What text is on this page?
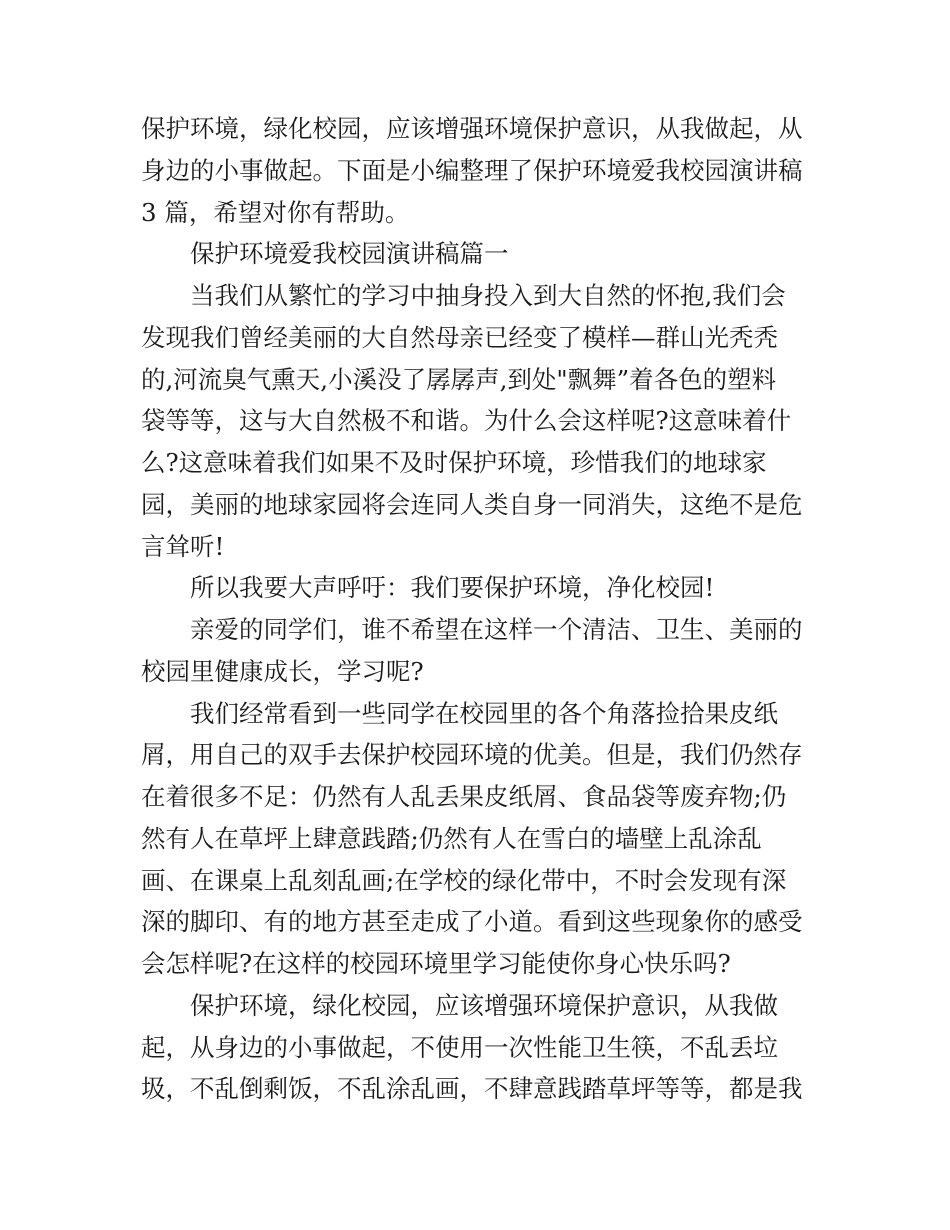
保护环境，绿化校园，应该增强环境保护意识，从我做起，从
身边的小事做起。下面是小编整理了保护环境爱我校园演讲稿
3 篇，希望对你有帮助。
保护环境爱我校园演讲稿篇一
当我们从繁忙的学习中抽身投入到大自然的怀抱,我们会
发现我们曾经美丽的大自然母亲已经变了模样—群山光秃秃
的,河流臭气熏天,小溪没了孱孱声,到处"飘舞”着各色的塑料
袋等等，这与大自然极不和谐。为什么会这样呢?这意味着什
么?这意味着我们如果不及时保护环境，珍惜我们的地球家
园，美丽的地球家园将会连同人类自身一同消失，这绝不是危
言耸听!
所以我要大声呼吁：我们要保护环境，净化校园!
亲爱的同学们，谁不希望在这样一个清洁、卫生、美丽的
校园里健康成长，学习呢?
我们经常看到一些同学在校园里的各个角落捡拾果皮纸
屑，用自己的双手去保护校园环境的优美。但是，我们仍然存
在着很多不足：仍然有人乱丢果皮纸屑、食品袋等废弃物;仍
然有人在草坪上肆意践踏;仍然有人在雪白的墙壁上乱涂乱
画、在课桌上乱刻乱画;在学校的绿化带中，不时会发现有深
深的脚印、有的地方甚至走成了小道。看到这些现象你的感受
会怎样呢?在这样的校园环境里学习能使你身心快乐吗?
保护环境，绿化校园，应该增强环境保护意识，从我做
起，从身边的小事做起，不使用一次性能卫生筷，不乱丢垃
圾，不乱倒剩饭，不乱涂乱画，不肆意践踏草坪等等，都是我
